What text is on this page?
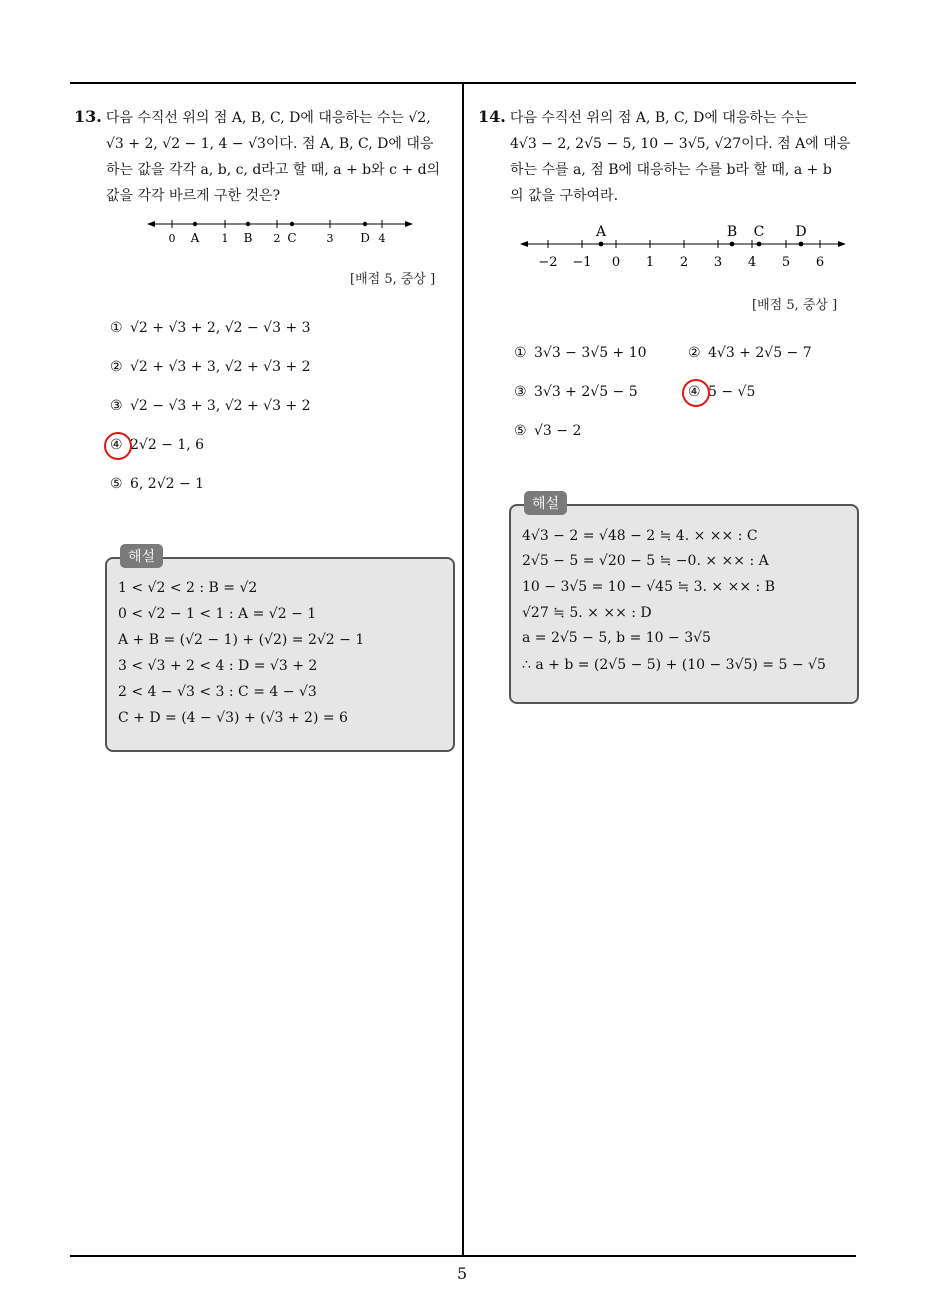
13. 다음 수직선 위의 점 A, B, C, D에 대응하는 수는 √2,
√3 + 2, √2 − 1, 4 − √3이다. 점 A, B, C, D에 대응
하는 값을 각각 a, b, c, d라고 할 때, a + b와 c + d의
값을 각각 바르게 구한 것은?
0	1	2	3	4
A	B	C	D
[배점 5, 중상 ]
① √2 + √3 + 2, √2 − √3 + 3
② √2 + √3 + 3, √2 + √3 + 2
③ √2 − √3 + 3, √2 + √3 + 2
④ 2√2 − 1, 6
⑤ 6, 2√2 − 1
해설
1 < √2 < 2 : B = √2
0 < √2 − 1 < 1 : A = √2 − 1
A + B = (√2 − 1) + (√2) = 2√2 − 1
3 < √3 + 2 < 4 : D = √3 + 2
2 < 4 − √3 < 3 : C = 4 − √3
C + D = (4 − √3) + (√3 + 2) = 6
14. 다음 수직선 위의 점 A, B, C, D에 대응하는 수는
4√3 − 2, 2√5 − 5, 10 − 3√5, √27이다. 점 A에 대응
하는 수를 a, 점 B에 대응하는 수를 b라 할 때, a + b
의 값을 구하여라.
A	B C D
−2 −1 0 1 2 3 4 5 6
[배점 5, 중상 ]
① 3√3 − 3√5 + 10	② 4√3 + 2√5 − 7
③ 3√3 + 2√5 − 5	④ 5 − √5
⑤ √3 − 2
해설
4√3 − 2 = √48 − 2 ≒ 4. × ×× : C
2√5 − 5 = √20 − 5 ≒ −0. × ×× : A
10 − 3√5 = 10 − √45 ≒ 3. × ×× : B
√27 ≒ 5. × ×× : D
a = 2√5 − 5, b = 10 − 3√5
∴ a + b = (2√5 − 5) + (10 − 3√5) = 5 − √5
5
